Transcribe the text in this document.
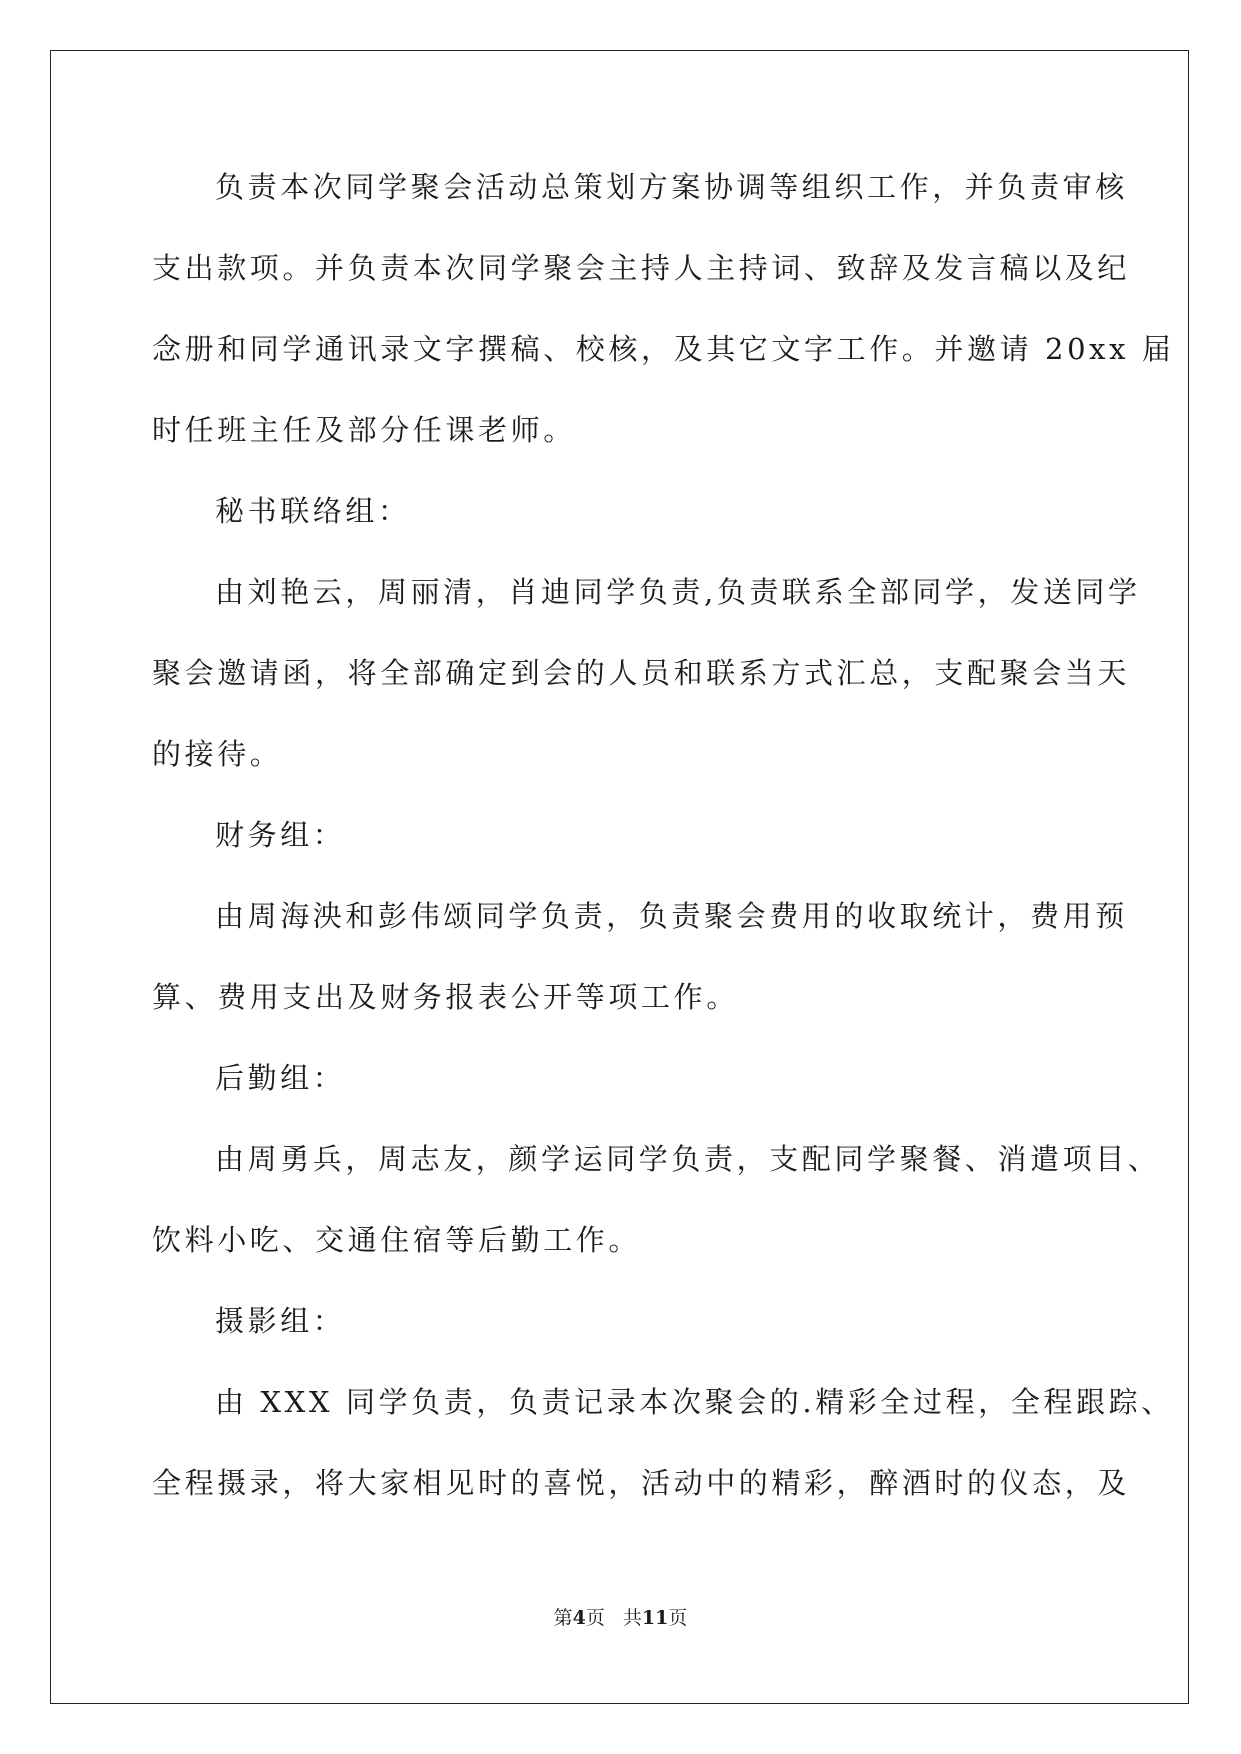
负责本次同学聚会活动总策划方案协调等组织工作，并负责审核
支出款项。并负责本次同学聚会主持人主持词、致辞及发言稿以及纪
念册和同学通讯录文字撰稿、校核，及其它文字工作。并邀请 20xx 届
时任班主任及部分任课老师。
秘书联络组：
由刘艳云，周丽清，肖迪同学负责,负责联系全部同学，发送同学
聚会邀请函，将全部确定到会的人员和联系方式汇总，支配聚会当天
的接待。
财务组：
由周海泱和彭伟颂同学负责，负责聚会费用的收取统计，费用预
算、费用支出及财务报表公开等项工作。
后勤组：
由周勇兵，周志友，颜学运同学负责，支配同学聚餐、消遣项目、
饮料小吃、交通住宿等后勤工作。
摄影组：
由 XXX 同学负责，负责记录本次聚会的.精彩全过程，全程跟踪、
全程摄录，将大家相见时的喜悦，活动中的精彩，醉酒时的仪态，及
第4页 共11页
